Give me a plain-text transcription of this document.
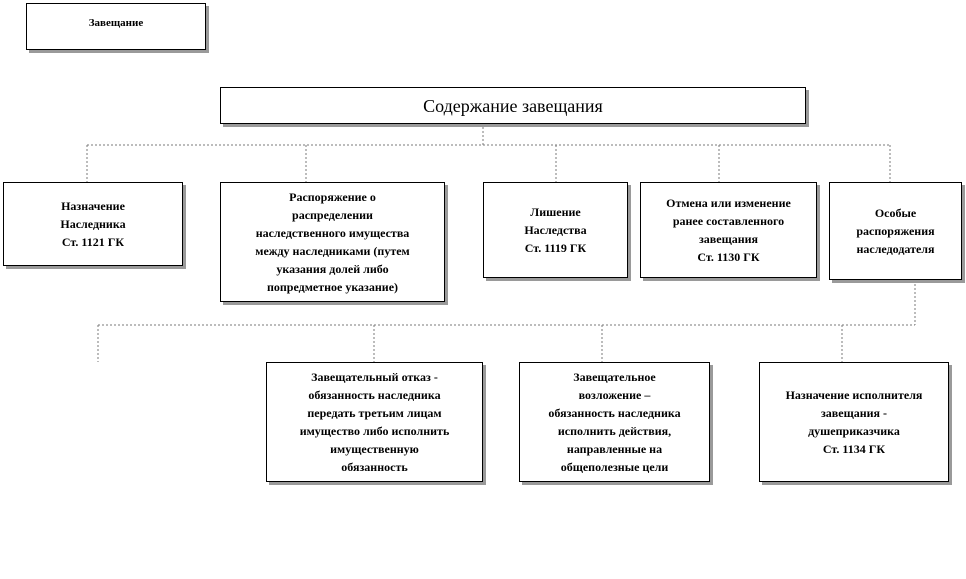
Завещание
Содержание завещания
Назначение
Наследника
Ст. 1121 ГК
Распоряжение о
распределении
наследственного имущества
между наследниками (путем
указания долей либо
попредметное указание)
Лишение
Наследства
Ст. 1119 ГК
Отмена или изменение
ранее составленного
завещания
Ст. 1130 ГК
Особые
распоряжения
наследодателя
Завещательный отказ -
обязанность наследника
передать третьим лицам
имущество либо исполнить
имущественную
обязанность
Завещательное
возложение –
обязанность наследника
исполнить действия,
направленные на
общеполезные цели
Назначение исполнителя
завещания -
душеприказчика
Ст. 1134 ГК
